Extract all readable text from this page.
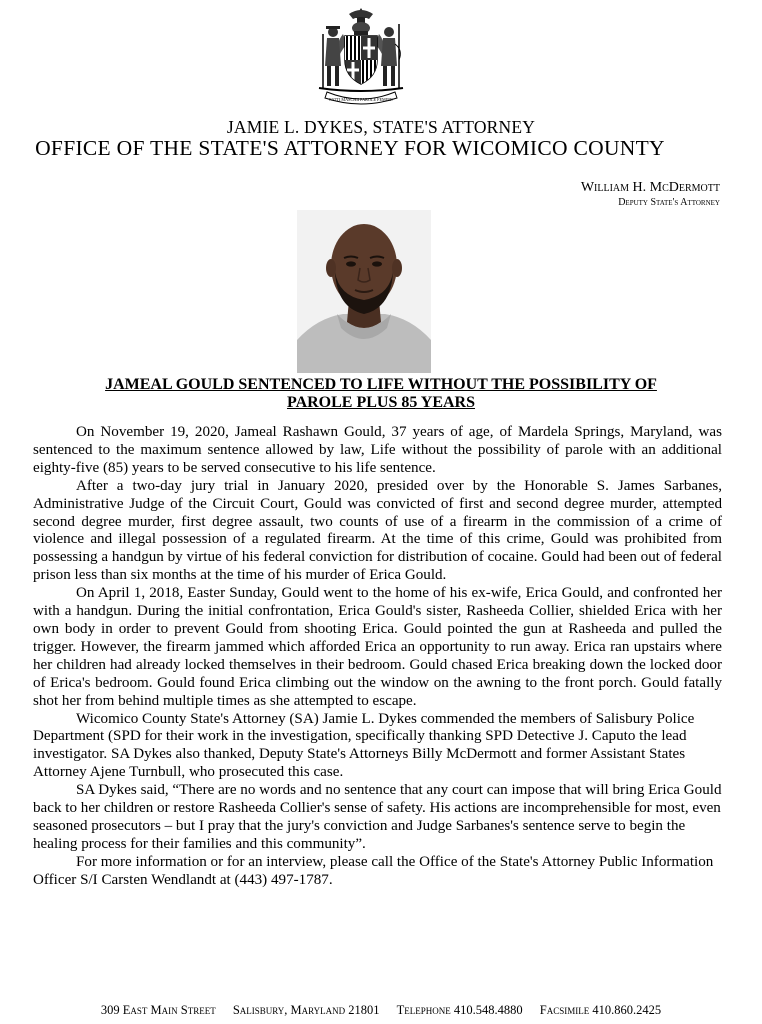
FATTI MASCHII PAROLE FEMINE
JAMIE L. DYKES, STATE'S ATTORNEY
OFFICE OF THE STATE'S ATTORNEY FOR WICOMICO COUNTY
William H. McDermott
Deputy State's Attorney
JAMEAL GOULD SENTENCED TO LIFE WITHOUT THE POSSIBILITY OF
PAROLE PLUS 85 YEARS

On November 19, 2020, Jameal Rashawn Gould, 37 years of age, of Mardela Springs, Maryland, was sentenced to the maximum sentence allowed by law, Life without the possibility of parole with an additional eighty-five (85) years to be served consecutive to his life sentence.

After a two-day jury trial in January 2020, presided over by the Honorable S. James Sarbanes, Administrative Judge of the Circuit Court, Gould was convicted of first and second degree murder, attempted second degree murder, first degree assault, two counts of use of a firearm in the commission of a crime of violence and illegal possession of a regulated firearm. At the time of this crime, Gould was prohibited from possessing a handgun by virtue of his federal conviction for distribution of cocaine. Gould had been out of federal prison less than six months at the time of his murder of Erica Gould.

On April 1, 2018, Easter Sunday, Gould went to the home of his ex-wife, Erica Gould, and confronted her with a handgun. During the initial confrontation, Erica Gould's sister, Rasheeda Collier, shielded Erica with her own body in order to prevent Gould from shooting Erica. Gould pointed the gun at Rasheeda and pulled the trigger. However, the firearm jammed which afforded Erica an opportunity to run away. Erica ran upstairs where her children had already locked themselves in their bedroom. Gould chased Erica breaking down the locked door of Erica's bedroom. Gould found Erica climbing out the window on the awning to the front porch. Gould fatally shot her from behind multiple times as she attempted to escape.

Wicomico County State's Attorney (SA) Jamie L. Dykes commended the members of Salisbury Police Department (SPD for their work in the investigation, specifically thanking SPD Detective J. Caputo the lead investigator. SA Dykes also thanked, Deputy State's Attorneys Billy McDermott and former Assistant States Attorney Ajene Turnbull, who prosecuted this case.

SA Dykes said, “There are no words and no sentence that any court can impose that will bring Erica Gould back to her children or restore Rasheeda Collier's sense of safety. His actions are incomprehensible for most, even seasoned prosecutors – but I pray that the jury's conviction and Judge Sarbanes's sentence serve to begin the healing process for their families and this community”.

For more information or for an interview, please call the Office of the State's Attorney Public Information Officer S/I Carsten Wendlandt at (443) 497-1787.

309 East Main Street Salisbury, Maryland 21801 Telephone 410.548.4880 Facsimile 410.860.2425
